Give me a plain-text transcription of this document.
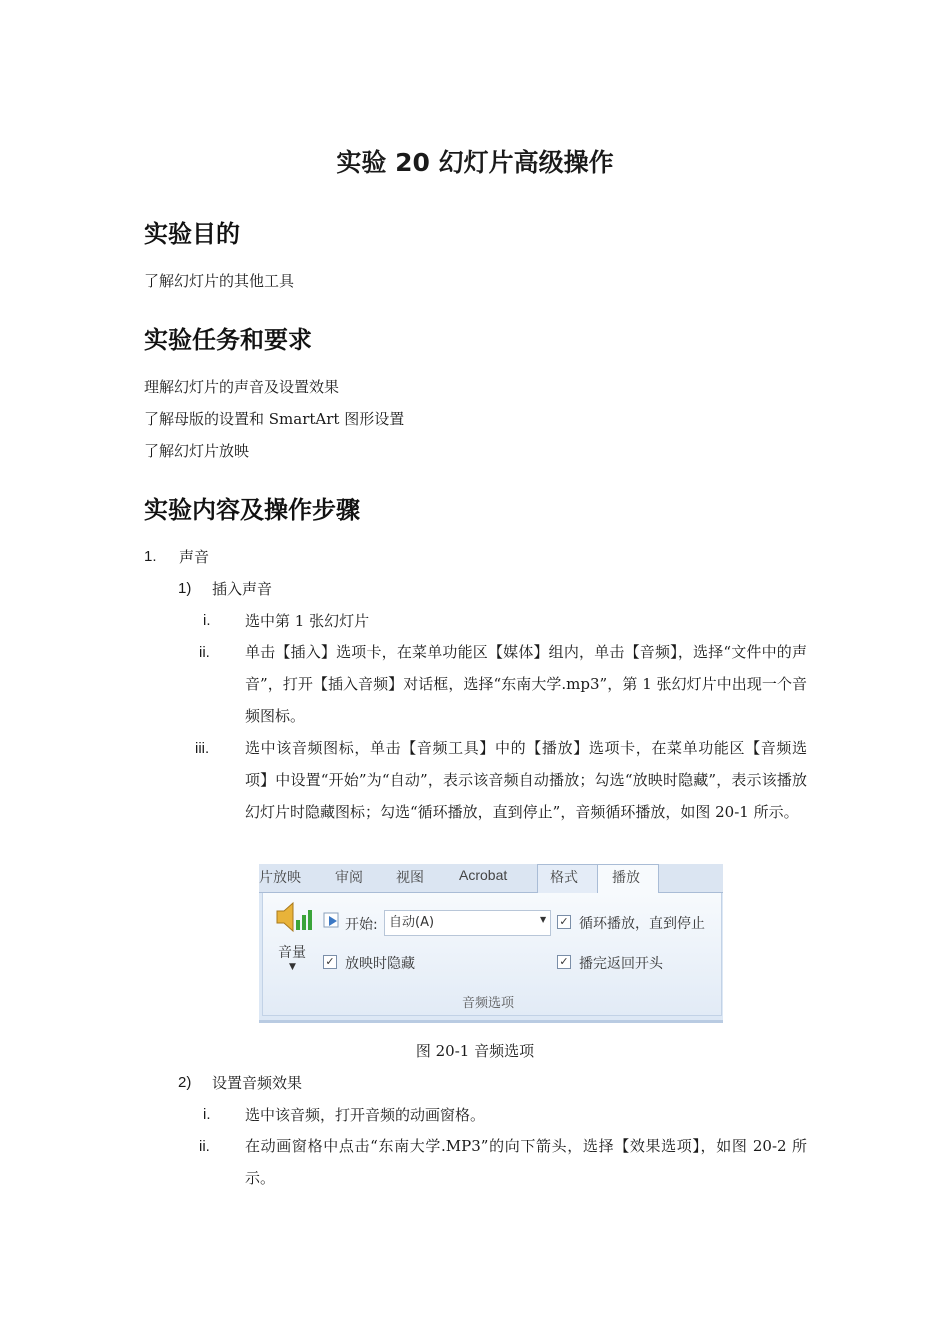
实验 20 幻灯片高级操作
实验目的
了解幻灯片的其他工具
实验任务和要求
理解幻灯片的声音及设置效果
了解母版的设置和 SmartArt 图形设置
了解幻灯片放映
实验内容及操作步骤
1. 声音
1) 插入声音
i. 选中第 1 张幻灯片
ii. 单击【插入】选项卡，在菜单功能区【媒体】组内，单击【音频】，选择“文件中的声音”，打开【插入音频】对话框，选择“东南大学.mp3”，第 1 张幻灯片中出现一个音频图标。
iii. 选中该音频图标，单击【音频工具】中的【播放】选项卡，在菜单功能区【音频选项】中设置“开始”为“自动”，表示该音频自动播放；勾选“放映时隐藏”，表示该播放幻灯片时隐藏图标；勾选“循环播放，直到停止”，音频循环播放，如图 20-1 所示。
片放映 审阅 视图	Acrobat	格式 播放
音量
▼
开始: 自动(A)	▼
✓ 放映时隐藏
✓ 循环播放，直到停止
✓ 播完返回开头
音频选项
图 20-1 音频选项
2) 设置音频效果
i. 选中该音频，打开音频的动画窗格。
ii. 在动画窗格中点击“东南大学.MP3”的向下箭头，选择【效果选项】，如图 20-2 所示。
